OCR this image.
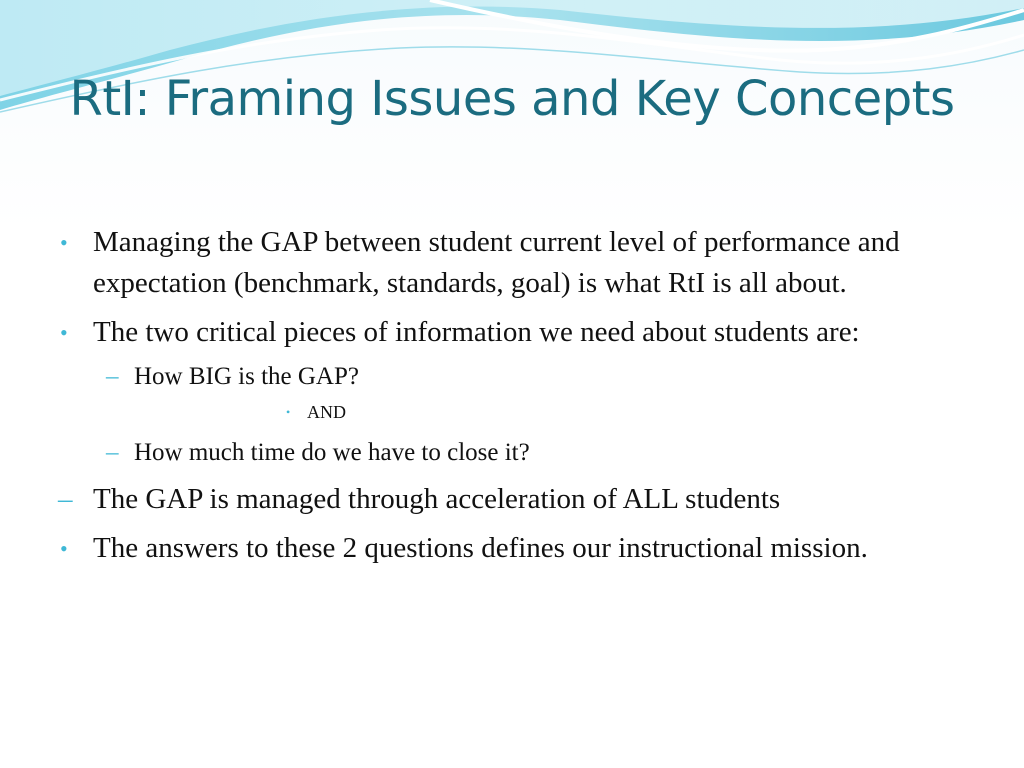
RtI: Framing Issues and Key Concepts
• Managing the GAP between student current level of performance and expectation (benchmark, standards, goal) is what RtI is all about.
• The two critical pieces of information we need about students are:
– How BIG is the GAP?
• AND
– How much time do we have to close it?
– The GAP is managed through acceleration of ALL students
• The answers to these 2 questions defines our instructional mission.
